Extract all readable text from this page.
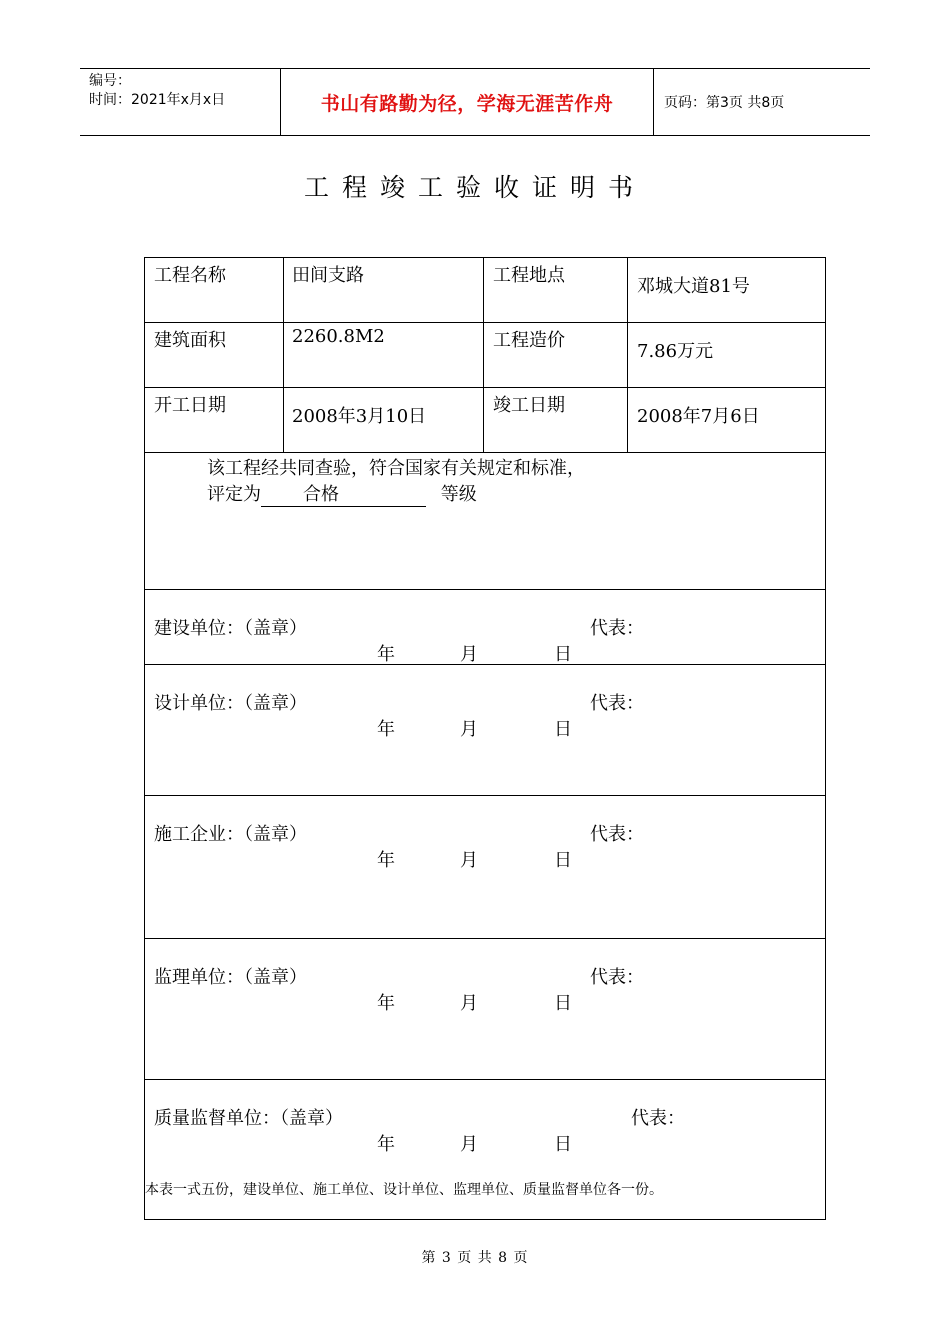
编号：
时间：2021年x月x日	书山有路勤为径，学海无涯苦作舟	页码：第3页 共8页
工程竣工验收证明书
工程名称	田间支路	工程地点	邓城大道81号
建筑面积	2260.8M2	工程造价	7.86万元
开工日期	2008年3月10日	竣工日期	2008年7月6日

该工程经共同查验，符合国家有关规定和标准，
评定为 合格 等级			

建设单位：（盖章） 代表：
年 月 日			

设计单位：（盖章） 代表：
年 月 日			

施工企业：（盖章） 代表：
年 月 日			

监理单位：（盖章） 代表：
年 月 日			

质量监督单位：（盖章） 代表：
年 月 日			
本表一式五份，建设单位、施工单位、设计单位、监理单位、质量监督单位各一份。
第 3 页 共 8 页
